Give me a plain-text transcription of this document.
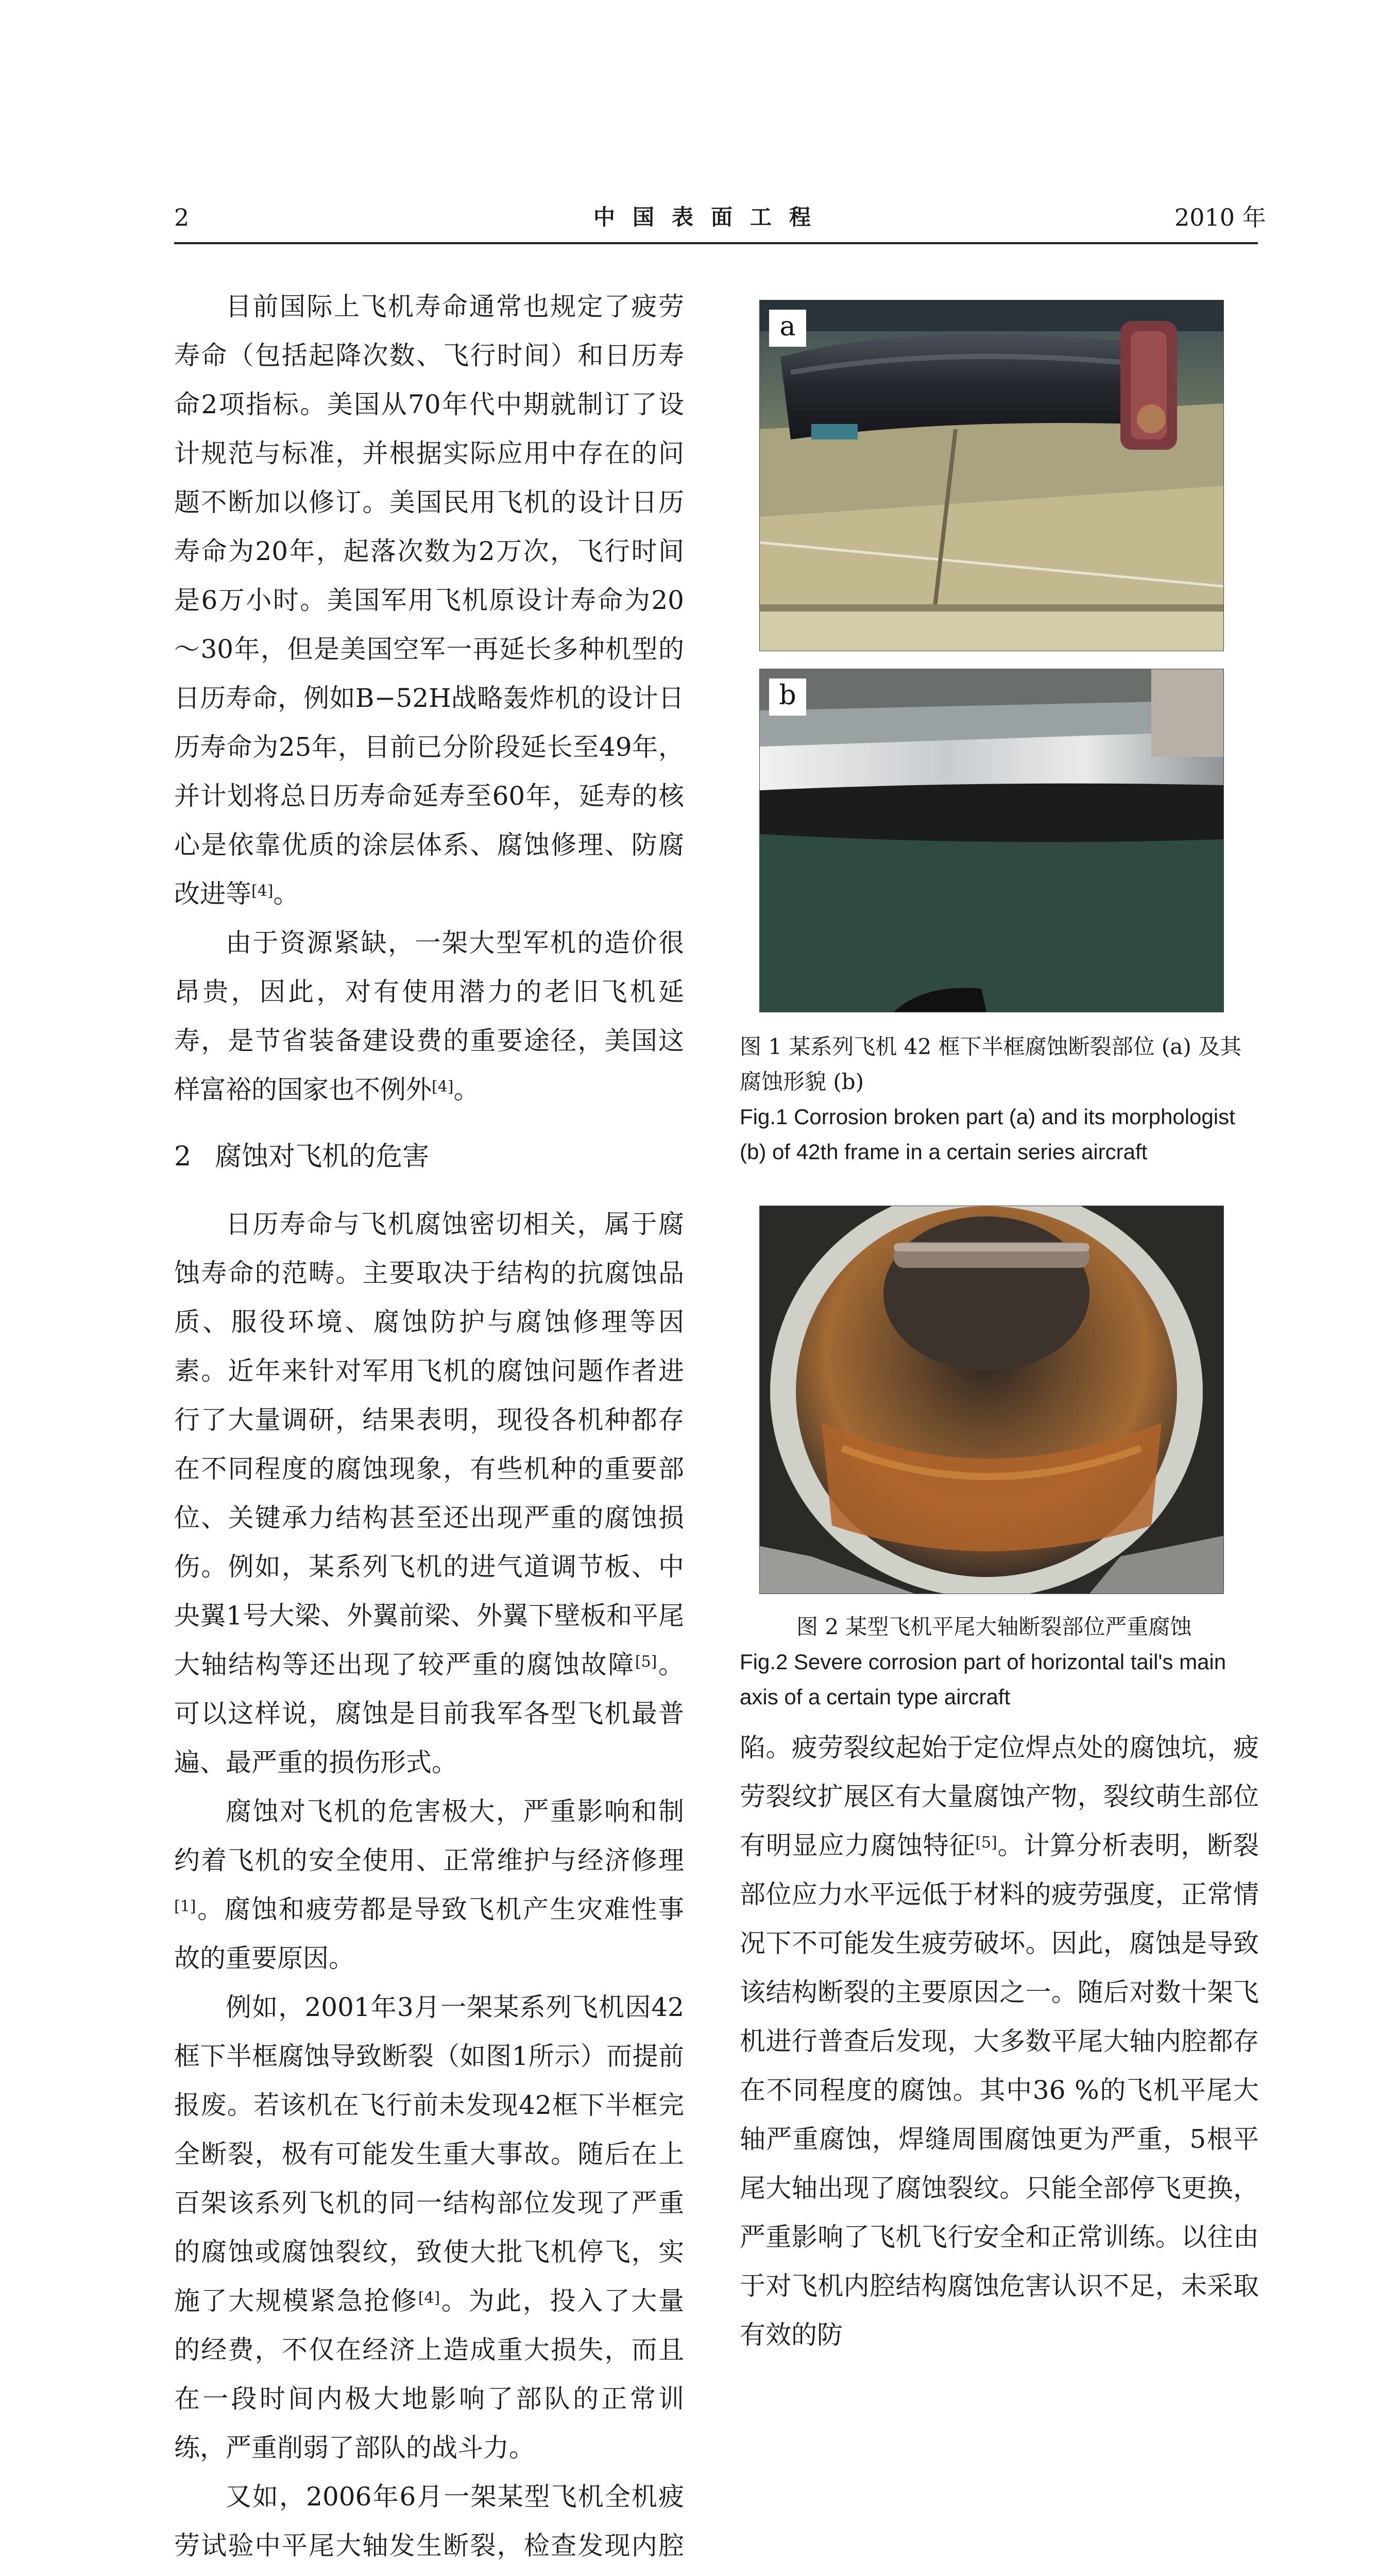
2	中国表面工程	2010 年

目前国际上飞机寿命通常也规定了疲劳寿命（包括起降次数、飞行时间）和日历寿命2项指标。美国从70年代中期就制订了设计规范与标准，并根据实际应用中存在的问题不断加以修订。美国民用飞机的设计日历寿命为20年，起落次数为2万次，飞行时间是6万小时。美国军用飞机原设计寿命为20～30年，但是美国空军一再延长多种机型的日历寿命，例如B−52H战略轰炸机的设计日历寿命为25年，目前已分阶段延长至49年，并计划将总日历寿命延寿至60年，延寿的核心是依靠优质的涂层体系、腐蚀修理、防腐改进等[4]。

由于资源紧缺，一架大型军机的造价很昂贵，因此，对有使用潜力的老旧飞机延寿，是节省装备建设费的重要途径，美国这样富裕的国家也不例外[4]。

2 腐蚀对飞机的危害

日历寿命与飞机腐蚀密切相关，属于腐蚀寿命的范畴。主要取决于结构的抗腐蚀品质、服役环境、腐蚀防护与腐蚀修理等因素。近年来针对军用飞机的腐蚀问题作者进行了大量调研，结果表明，现役各机种都存在不同程度的腐蚀现象，有些机种的重要部位、关键承力结构甚至还出现严重的腐蚀损伤。例如，某系列飞机的进气道调节板、中央翼1号大梁、外翼前梁、外翼下壁板和平尾大轴结构等还出现了较严重的腐蚀故障[5]。可以这样说，腐蚀是目前我军各型飞机最普遍、最严重的损伤形式。

腐蚀对飞机的危害极大，严重影响和制约着飞机的安全使用、正常维护与经济修理[1]。腐蚀和疲劳都是导致飞机产生灾难性事故的重要原因。

例如，2001年3月一架某系列飞机因42框下半框腐蚀导致断裂（如图1所示）而提前报废。若该机在飞行前未发现42框下半框完全断裂，极有可能发生重大事故。随后在上百架该系列飞机的同一结构部位发现了严重的腐蚀或腐蚀裂纹，致使大批飞机停飞，实施了大规模紧急抢修[4]。为此，投入了大量的经费，不仅在经济上造成重大损失，而且在一段时间内极大地影响了部队的正常训练，严重削弱了部队的战斗力。

又如，2006年6月一架某型飞机全机疲劳试验中平尾大轴发生断裂，检查发现内腔

a
b
图 1 某系列飞机 42 框下半框腐蚀断裂部位 (a) 及其腐蚀形貌 (b)
Fig.1 Corrosion broken part (a) and its morphologist (b) of 42th frame in a certain series aircraft
图 2 某型飞机平尾大轴断裂部位严重腐蚀
Fig.2 Severe corrosion part of horizontal tail's main axis of a certain type aircraft

陷。疲劳裂纹起始于定位焊点处的腐蚀坑，疲劳裂纹扩展区有大量腐蚀产物，裂纹萌生部位有明显应力腐蚀特征[5]。计算分析表明，断裂部位应力水平远低于材料的疲劳强度，正常情况下不可能发生疲劳破坏。因此，腐蚀是导致该结构断裂的主要原因之一。随后对数十架飞机进行普查后发现，大多数平尾大轴内腔都存在不同程度的腐蚀。其中36 %的飞机平尾大轴严重腐蚀，焊缝周围腐蚀更为严重，5根平尾大轴出现了腐蚀裂纹。只能全部停飞更换，严重影响了飞机飞行安全和正常训练。以往由于对飞机内腔结构腐蚀危害认识不足，未采取有效的防
